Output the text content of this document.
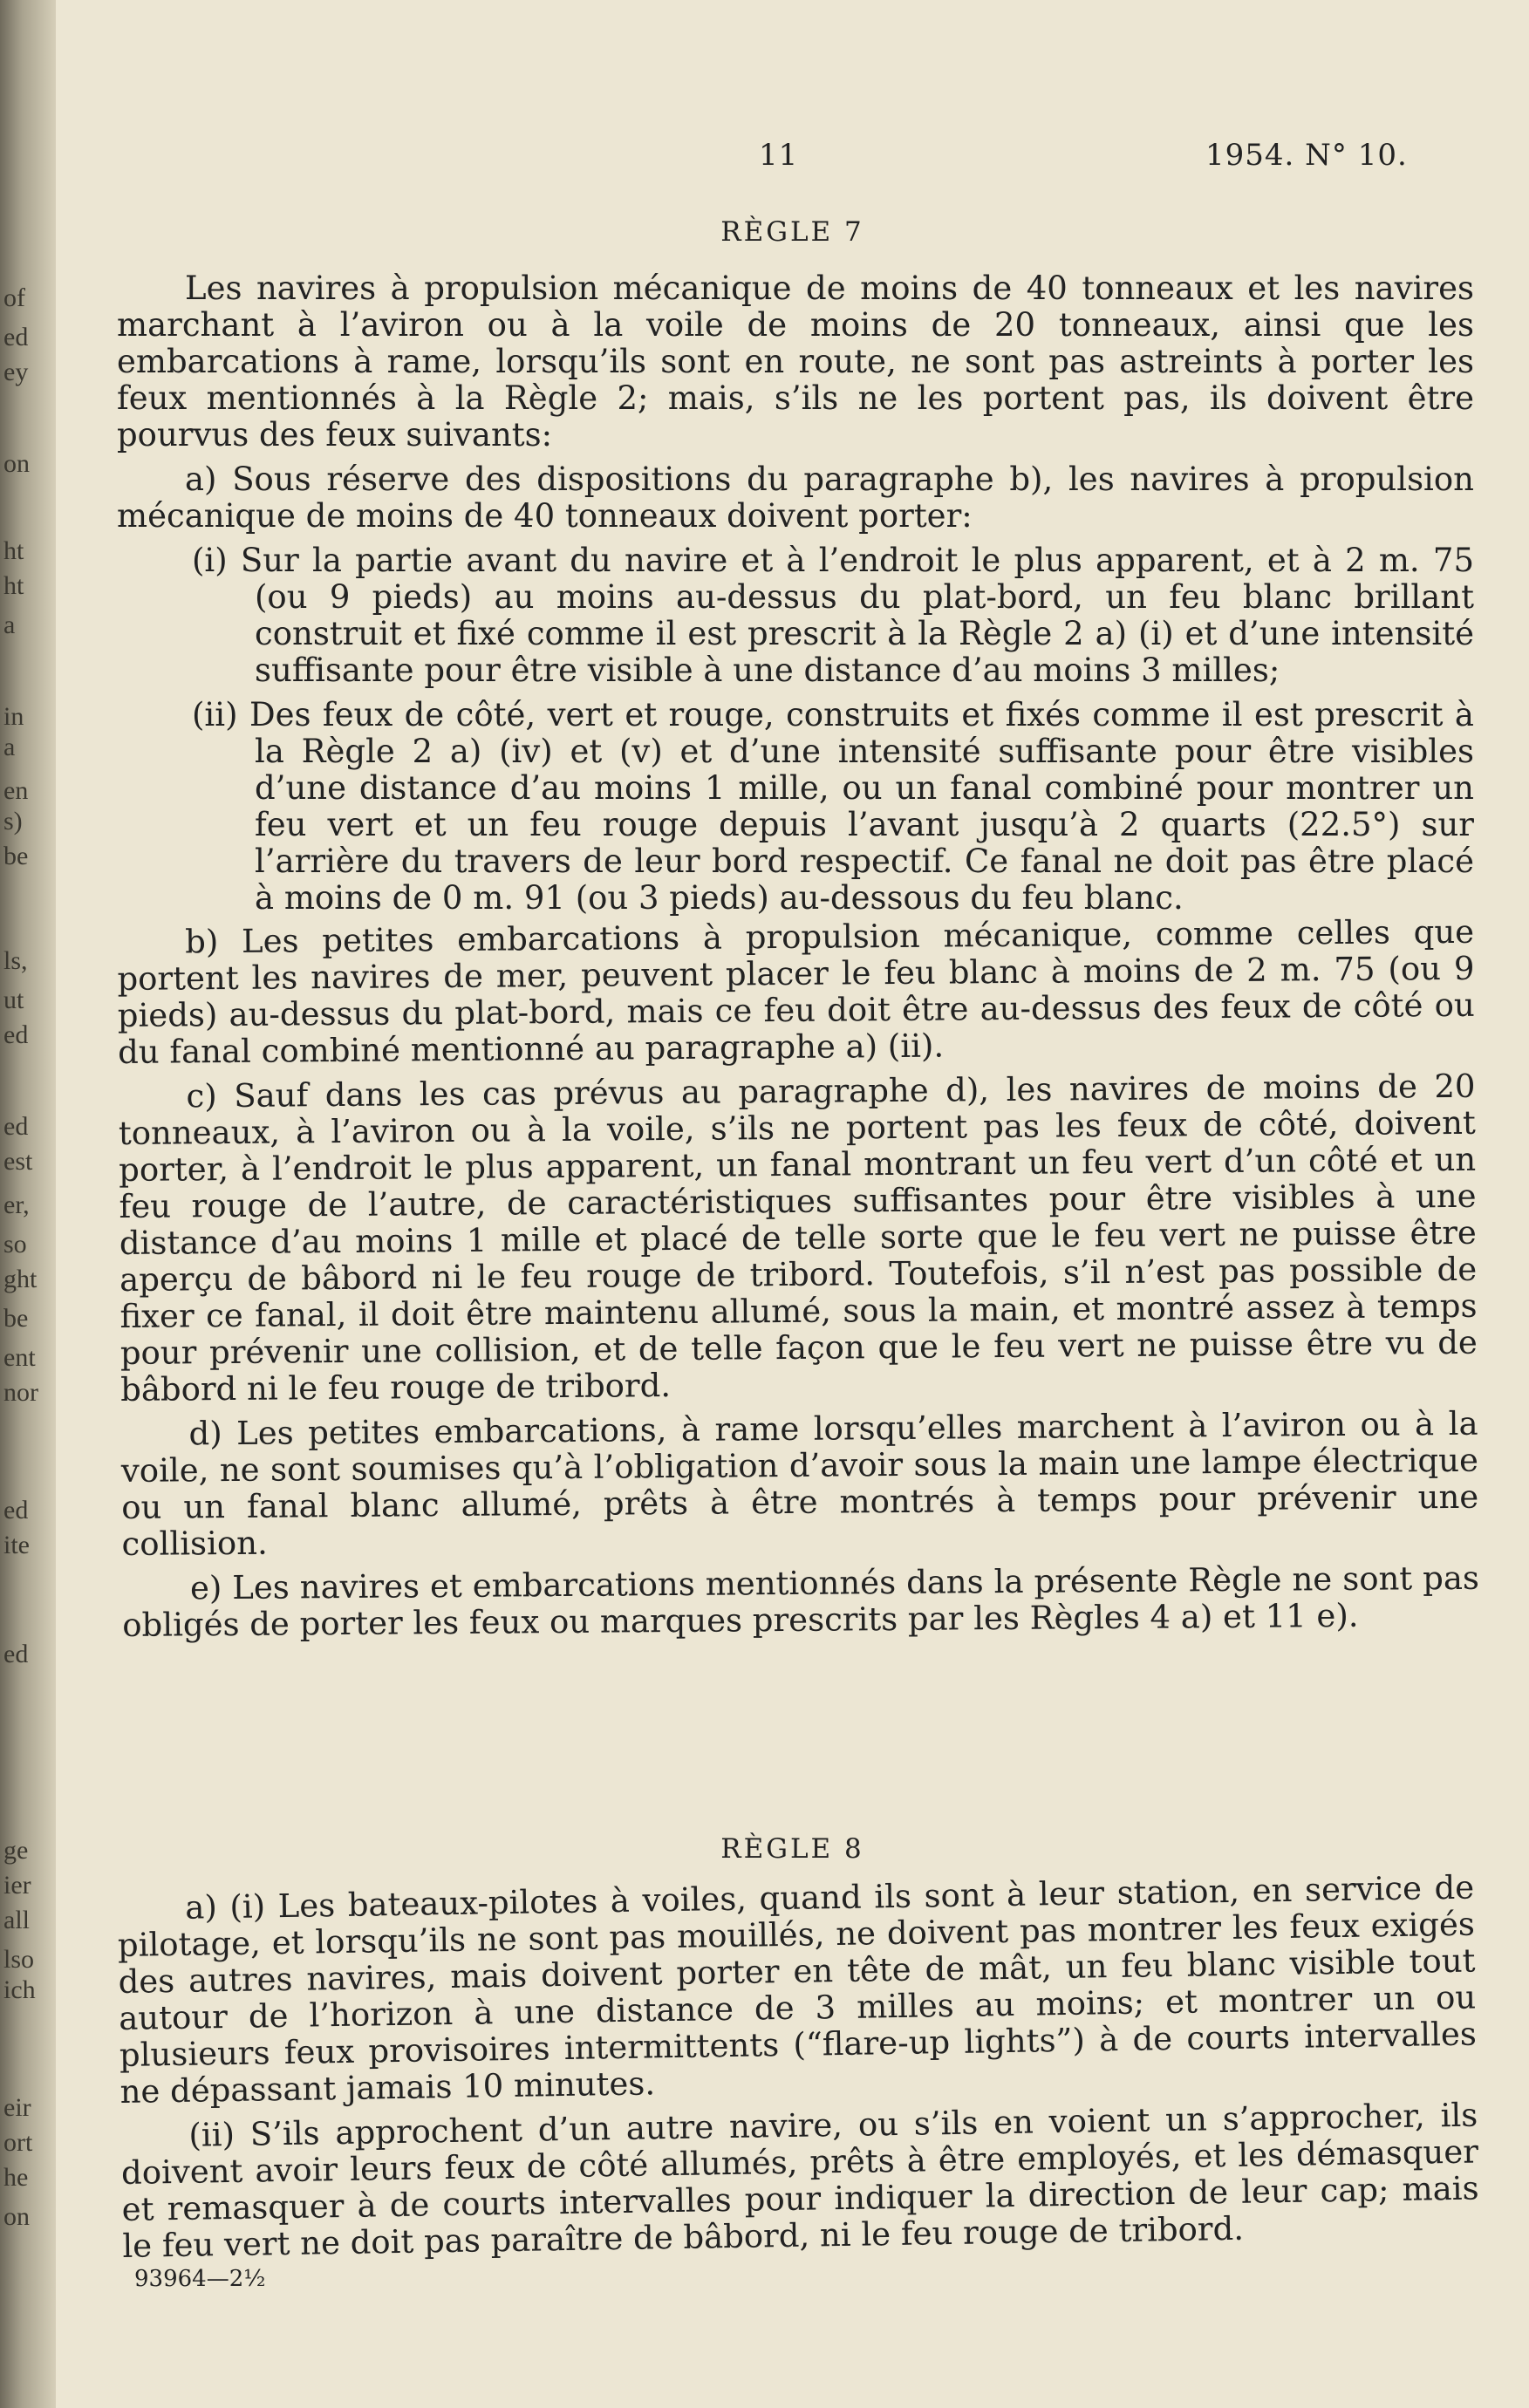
of
ed
ey
on
ht
ht
a
in
a
en
s)
be
ls,
ut
ed
ed
est
er,
so
ght
be
ent
nor
ed
ite
ed
ge
ier
all
lso
ich
eir
ort
he
on
11	1954. N° 10.
RÈGLE 7

Les navires à propulsion mécanique de moins de 40 tonneaux et les navires marchant à l’aviron ou à la voile de moins de 20 tonneaux, ainsi que les embarcations à rame, lorsqu’ils sont en route, ne sont pas astreints à porter les feux mentionnés à la Règle 2; mais, s’ils ne les portent pas, ils doivent être pourvus des feux suivants:

a) Sous réserve des dispositions du paragraphe b), les navires à propulsion mécanique de moins de 40 tonneaux doivent porter:

(i) Sur la partie avant du navire et à l’endroit le plus apparent, et à 2 m. 75 (ou 9 pieds) au moins au-dessus du plat-bord, un feu blanc brillant construit et fixé comme il est prescrit à la Règle 2 a) (i) et d’une intensité suffisante pour être visible à une distance d’au moins 3 milles;

(ii) Des feux de côté, vert et rouge, construits et fixés comme il est prescrit à la Règle 2 a) (iv) et (v) et d’une intensité suffisante pour être visibles d’une distance d’au moins 1 mille, ou un fanal combiné pour montrer un feu vert et un feu rouge depuis l’avant jusqu’à 2 quarts (22.5°) sur l’arrière du travers de leur bord respectif. Ce fanal ne doit pas être placé à moins de 0 m. 91 (ou 3 pieds) au-dessous du feu blanc.

b) Les petites embarcations à propulsion mécanique, comme celles que portent les navires de mer, peuvent placer le feu blanc à moins de 2 m. 75 (ou 9 pieds) au-dessus du plat-bord, mais ce feu doit être au-dessus des feux de côté ou du fanal combiné mentionné au paragraphe a) (ii).

c) Sauf dans les cas prévus au paragraphe d), les navires de moins de 20 tonneaux, à l’aviron ou à la voile, s’ils ne portent pas les feux de côté, doivent porter, à l’endroit le plus apparent, un fanal montrant un feu vert d’un côté et un feu rouge de l’autre, de caractéristiques suffisantes pour être visibles à une distance d’au moins 1 mille et placé de telle sorte que le feu vert ne puisse être aperçu de bâbord ni le feu rouge de tribord. Toutefois, s’il n’est pas possible de fixer ce fanal, il doit être maintenu allumé, sous la main, et montré assez à temps pour prévenir une collision, et de telle façon que le feu vert ne puisse être vu de bâbord ni le feu rouge de tribord.

d) Les petites embarcations, à rame lorsqu’elles marchent à l’aviron ou à la voile, ne sont soumises qu’à l’obligation d’avoir sous la main une lampe électrique ou un fanal blanc allumé, prêts à être montrés à temps pour prévenir une collision.

e) Les navires et embarcations mentionnés dans la présente Règle ne sont pas obligés de porter les feux ou marques prescrits par les Règles 4 a) et 11 e).

RÈGLE 8

a) (i) Les bateaux-pilotes à voiles, quand ils sont à leur station, en service de pilotage, et lorsqu’ils ne sont pas mouillés, ne doivent pas montrer les feux exigés des autres navires, mais doivent porter en tête de mât, un feu blanc visible tout autour de l’horizon à une distance de 3 milles au moins; et montrer un ou plusieurs feux provisoires intermittents (“flare-up lights”) à de courts intervalles ne dépassant jamais 10 minutes.

(ii) S’ils approchent d’un autre navire, ou s’ils en voient un s’approcher, ils doivent avoir leurs feux de côté allumés, prêts à être employés, et les démasquer et remasquer à de courts intervalles pour indiquer la direction de leur cap; mais le feu vert ne doit pas paraître de bâbord, ni le feu rouge de tribord.

93964—2½
